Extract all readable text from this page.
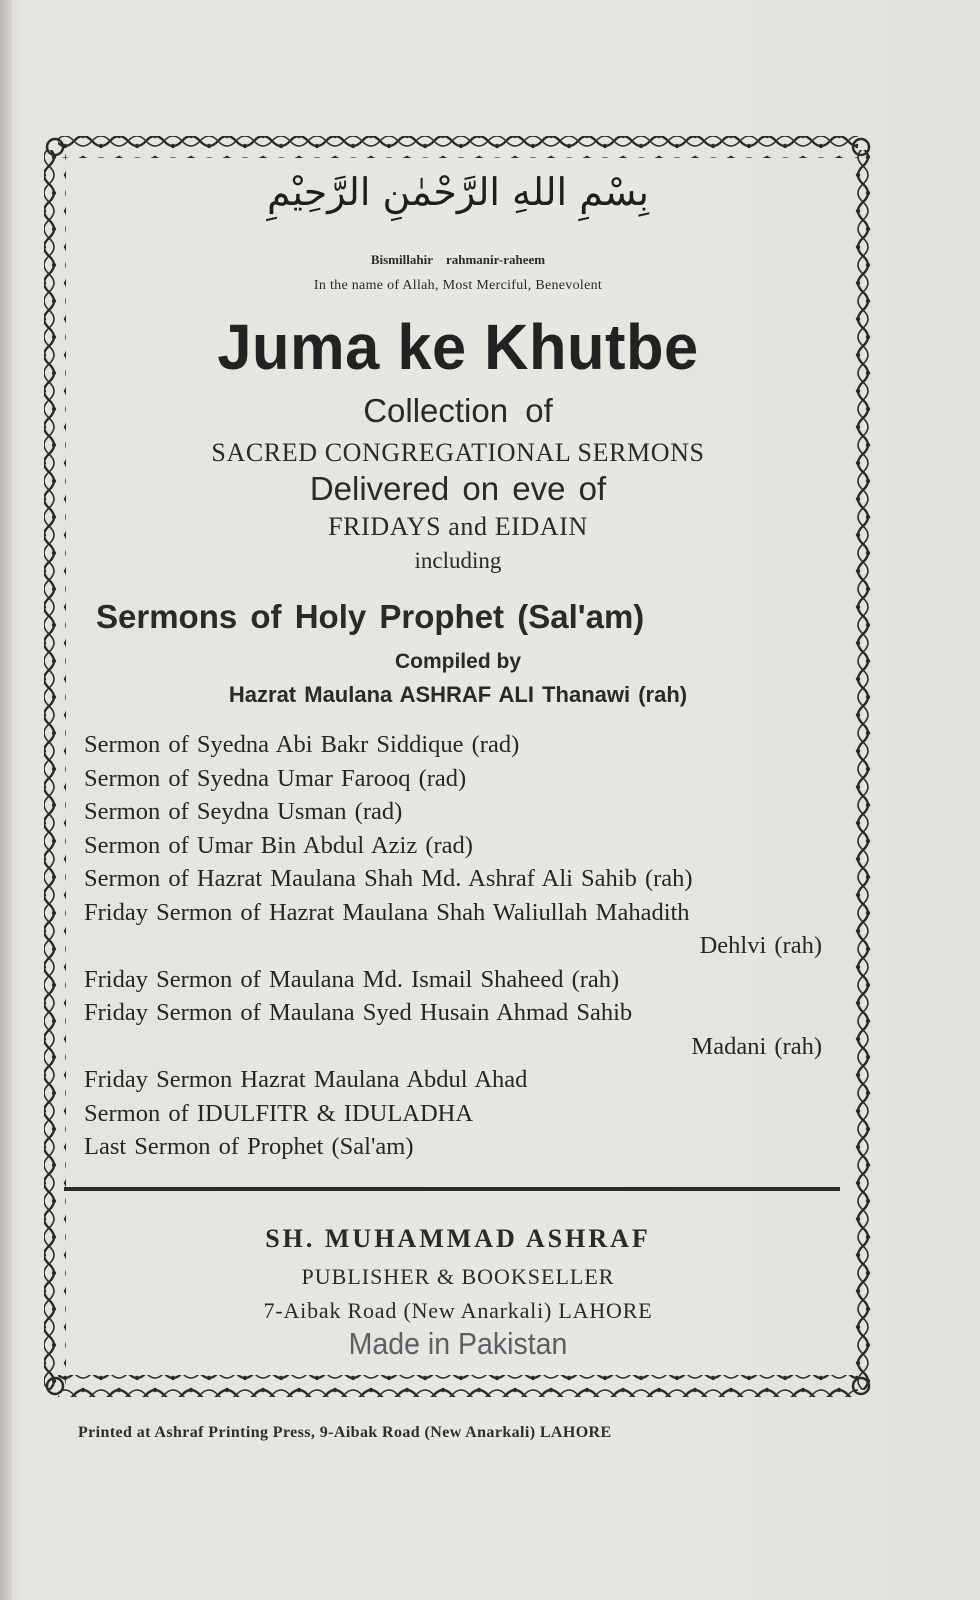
بِسْمِ اللهِ الرَّحْمٰنِ الرَّحِيْمِ
Bismillahir rahmanir-raheem
In the name of Allah, Most Merciful, Benevolent
Juma ke Khutbe
Collection of
SACRED CONGREGATIONAL SERMONS
Delivered on eve of
FRIDAYS and EIDAIN
including
Sermons of Holy Prophet (Sal'am)
Compiled by
Hazrat Maulana ASHRAF ALI Thanawi (rah)
Sermon of Syedna Abi Bakr Siddique (rad)
Sermon of Syedna Umar Farooq (rad)
Sermon of Seydna Usman (rad)
Sermon of Umar Bin Abdul Aziz (rad)
Sermon of Hazrat Maulana Shah Md. Ashraf Ali Sahib (rah)
Friday Sermon of Hazrat Maulana Shah Waliullah Mahadith
Dehlvi (rah)
Friday Sermon of Maulana Md. Ismail Shaheed (rah)
Friday Sermon of Maulana Syed Husain Ahmad Sahib
Madani (rah)
Friday Sermon Hazrat Maulana Abdul Ahad
Sermon of IDULFITR & IDULADHA
Last Sermon of Prophet (Sal'am)
SH. MUHAMMAD ASHRAF
PUBLISHER & BOOKSELLER
7-Aibak Road (New Anarkali) LAHORE
Made in Pakistan
Printed at Ashraf Printing Press, 9-Aibak Road (New Anarkali) LAHORE
